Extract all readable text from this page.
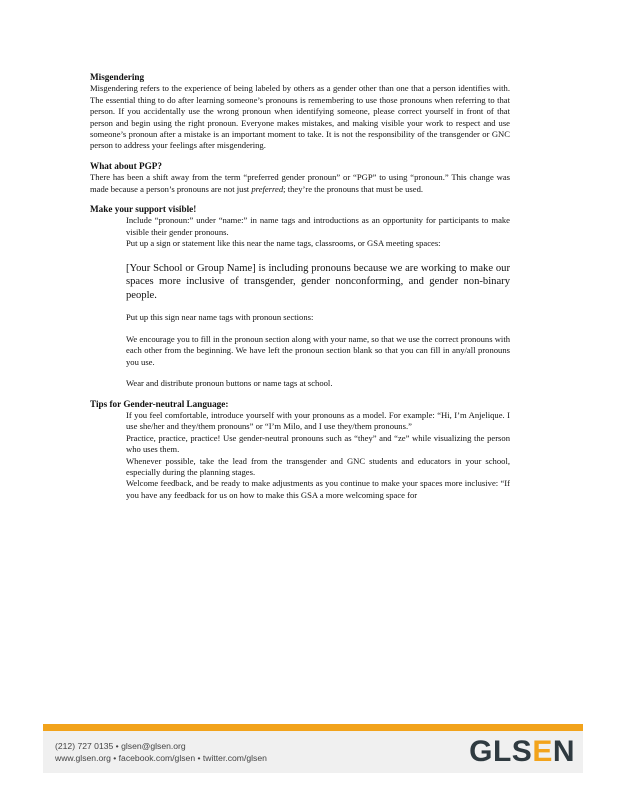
Misgendering

Misgendering refers to the experience of being labeled by others as a gender other than one that a person identifies with. The essential thing to do after learning someone’s pronouns is remembering to use those pronouns when referring to that person. If you accidentally use the wrong pronoun when identifying someone, please correct yourself in front of that person and begin using the right pronoun. Everyone makes mistakes, and making visible your work to respect and use someone’s pronoun after a mistake is an important moment to take. It is not the responsibility of the transgender or GNC person to address your feelings after misgendering.

What about PGP?

There has been a shift away from the term “preferred gender pronoun” or “PGP” to using “pronoun.” This change was made because a person’s pronouns are not just preferred; they’re the pronouns that must be used.

Make your support visible!

Include “pronoun:” under “name:” in name tags and introductions as an opportunity for participants to make visible their gender pronouns.
Put up a sign or statement like this near the name tags, classrooms, or GSA meeting spaces:
[Your School or Group Name] is including pronouns because we are working to make our spaces more inclusive of transgender, gender nonconforming, and gender non-binary people.
Put up this sign near name tags with pronoun sections:
We encourage you to fill in the pronoun section along with your name, so that we use the correct pronouns with each other from the beginning. We have left the pronoun section blank so that you can fill in any/all pronouns you use.
Wear and distribute pronoun buttons or name tags at school.

Tips for Gender-neutral Language:

If you feel comfortable, introduce yourself with your pronouns as a model. For example: “Hi, I’m Anjelique. I use she/her and they/them pronouns” or “I’m Milo, and I use they/them pronouns.”
Practice, practice, practice! Use gender-neutral pronouns such as “they” and “ze” while visualizing the person who uses them.
Whenever possible, take the lead from the transgender and GNC students and educators in your school, especially during the planning stages.
Welcome feedback, and be ready to make adjustments as you continue to make your spaces more inclusive: “If you have any feedback for us on how to make this GSA a more welcoming space for
(212) 727 0135 • glsen@glsen.org
www.glsen.org • facebook.com/glsen • twitter.com/glsen	GLSEN
